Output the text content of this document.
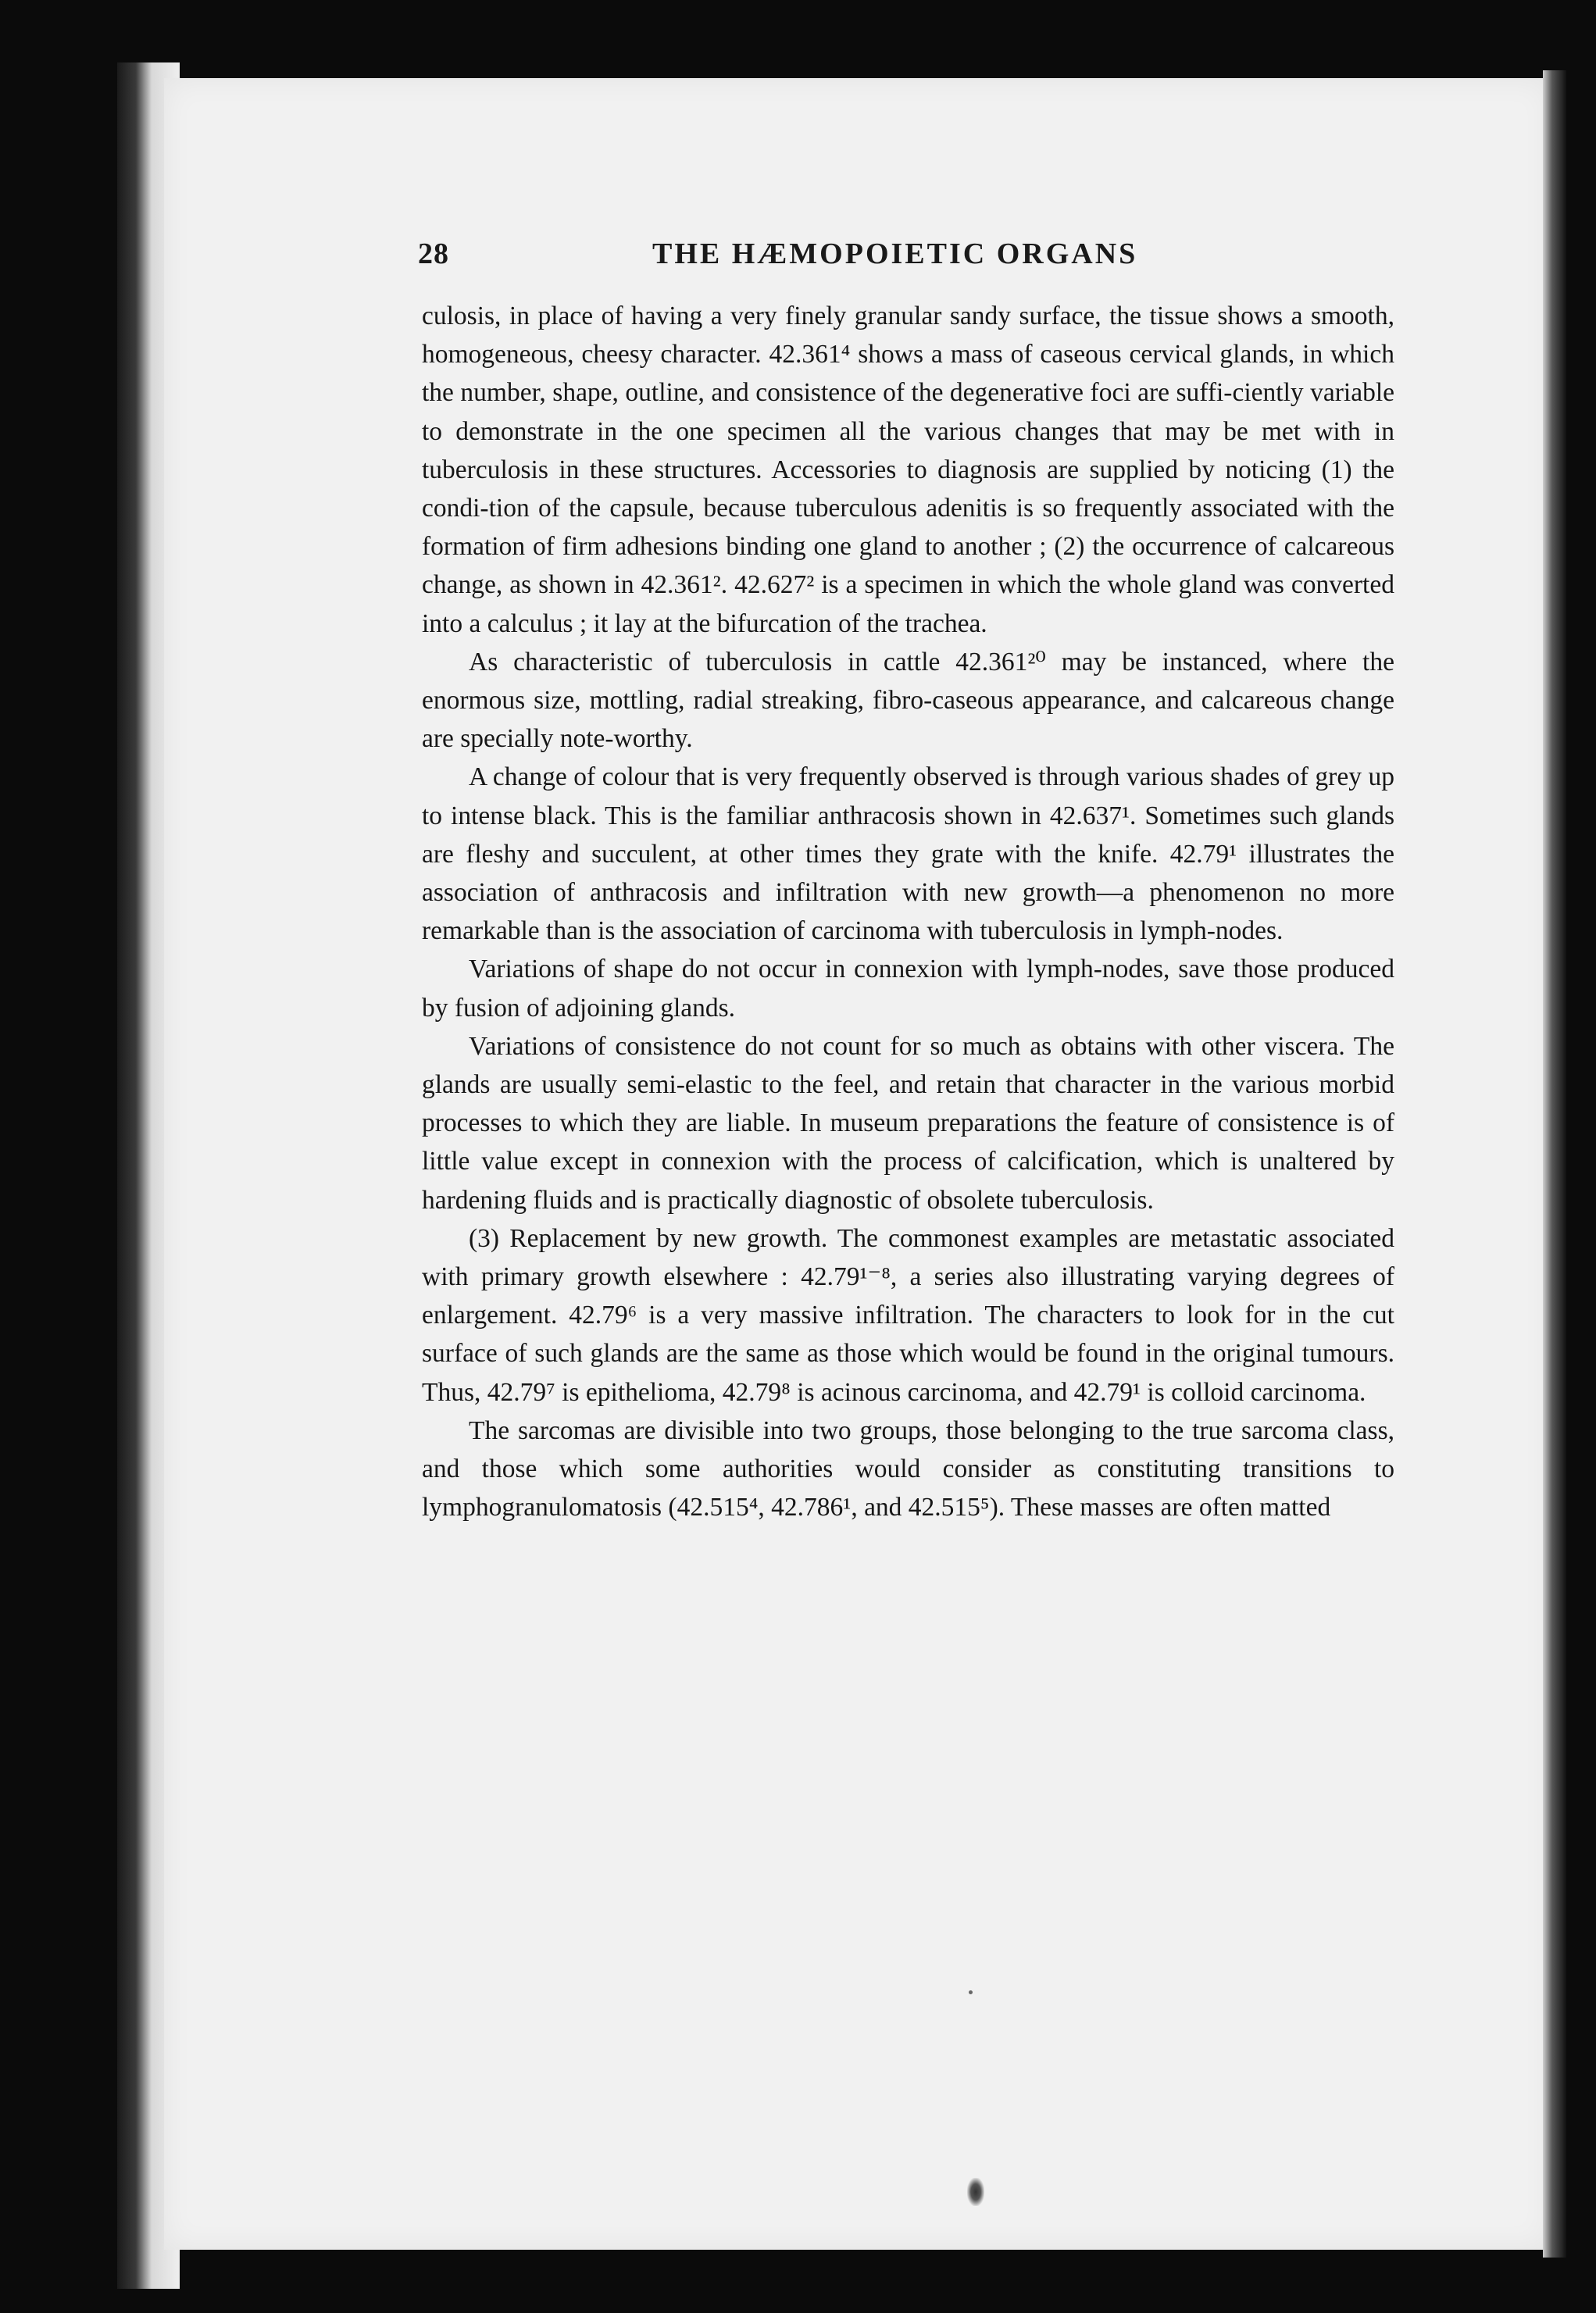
28	THE HÆMOPOIETIC ORGANS

culosis, in place of having a very finely granular sandy surface, the tissue shows a smooth, homogeneous, cheesy character. 42.361⁴ shows a mass of caseous cervical glands, in which the number, shape, outline, and consistence of the degenerative foci are suffi-ciently variable to demonstrate in the one specimen all the various changes that may be met with in tuberculosis in these structures. Accessories to diagnosis are supplied by noticing (1) the condi-tion of the capsule, because tuberculous adenitis is so frequently associated with the formation of firm adhesions binding one gland to another ; (2) the occurrence of calcareous change, as shown in 42.361². 42.627² is a specimen in which the whole gland was converted into a calculus ; it lay at the bifurcation of the trachea.

As characteristic of tuberculosis in cattle 42.361²⁰ may be instanced, where the enormous size, mottling, radial streaking, fibro-caseous appearance, and calcareous change are specially note-worthy.

A change of colour that is very frequently observed is through various shades of grey up to intense black. This is the familiar anthracosis shown in 42.637¹. Sometimes such glands are fleshy and succulent, at other times they grate with the knife. 42.79¹ illustrates the association of anthracosis and infiltration with new growth—a phenomenon no more remarkable than is the association of carcinoma with tuberculosis in lymph-nodes.

Variations of shape do not occur in connexion with lymph-nodes, save those produced by fusion of adjoining glands.

Variations of consistence do not count for so much as obtains with other viscera. The glands are usually semi-elastic to the feel, and retain that character in the various morbid processes to which they are liable. In museum preparations the feature of consistence is of little value except in connexion with the process of calcification, which is unaltered by hardening fluids and is practically diagnostic of obsolete tuberculosis.

(3) Replacement by new growth. The commonest examples are metastatic associated with primary growth elsewhere : 42.79¹⁻⁸, a series also illustrating varying degrees of enlargement. 42.79⁶ is a very massive infiltration. The characters to look for in the cut surface of such glands are the same as those which would be found in the original tumours. Thus, 42.79⁷ is epithelioma, 42.79⁸ is acinous carcinoma, and 42.79¹ is colloid carcinoma.

The sarcomas are divisible into two groups, those belonging to the true sarcoma class, and those which some authorities would consider as constituting transitions to lymphogranulomatosis (42.515⁴, 42.786¹, and 42.515⁵). These masses are often matted
